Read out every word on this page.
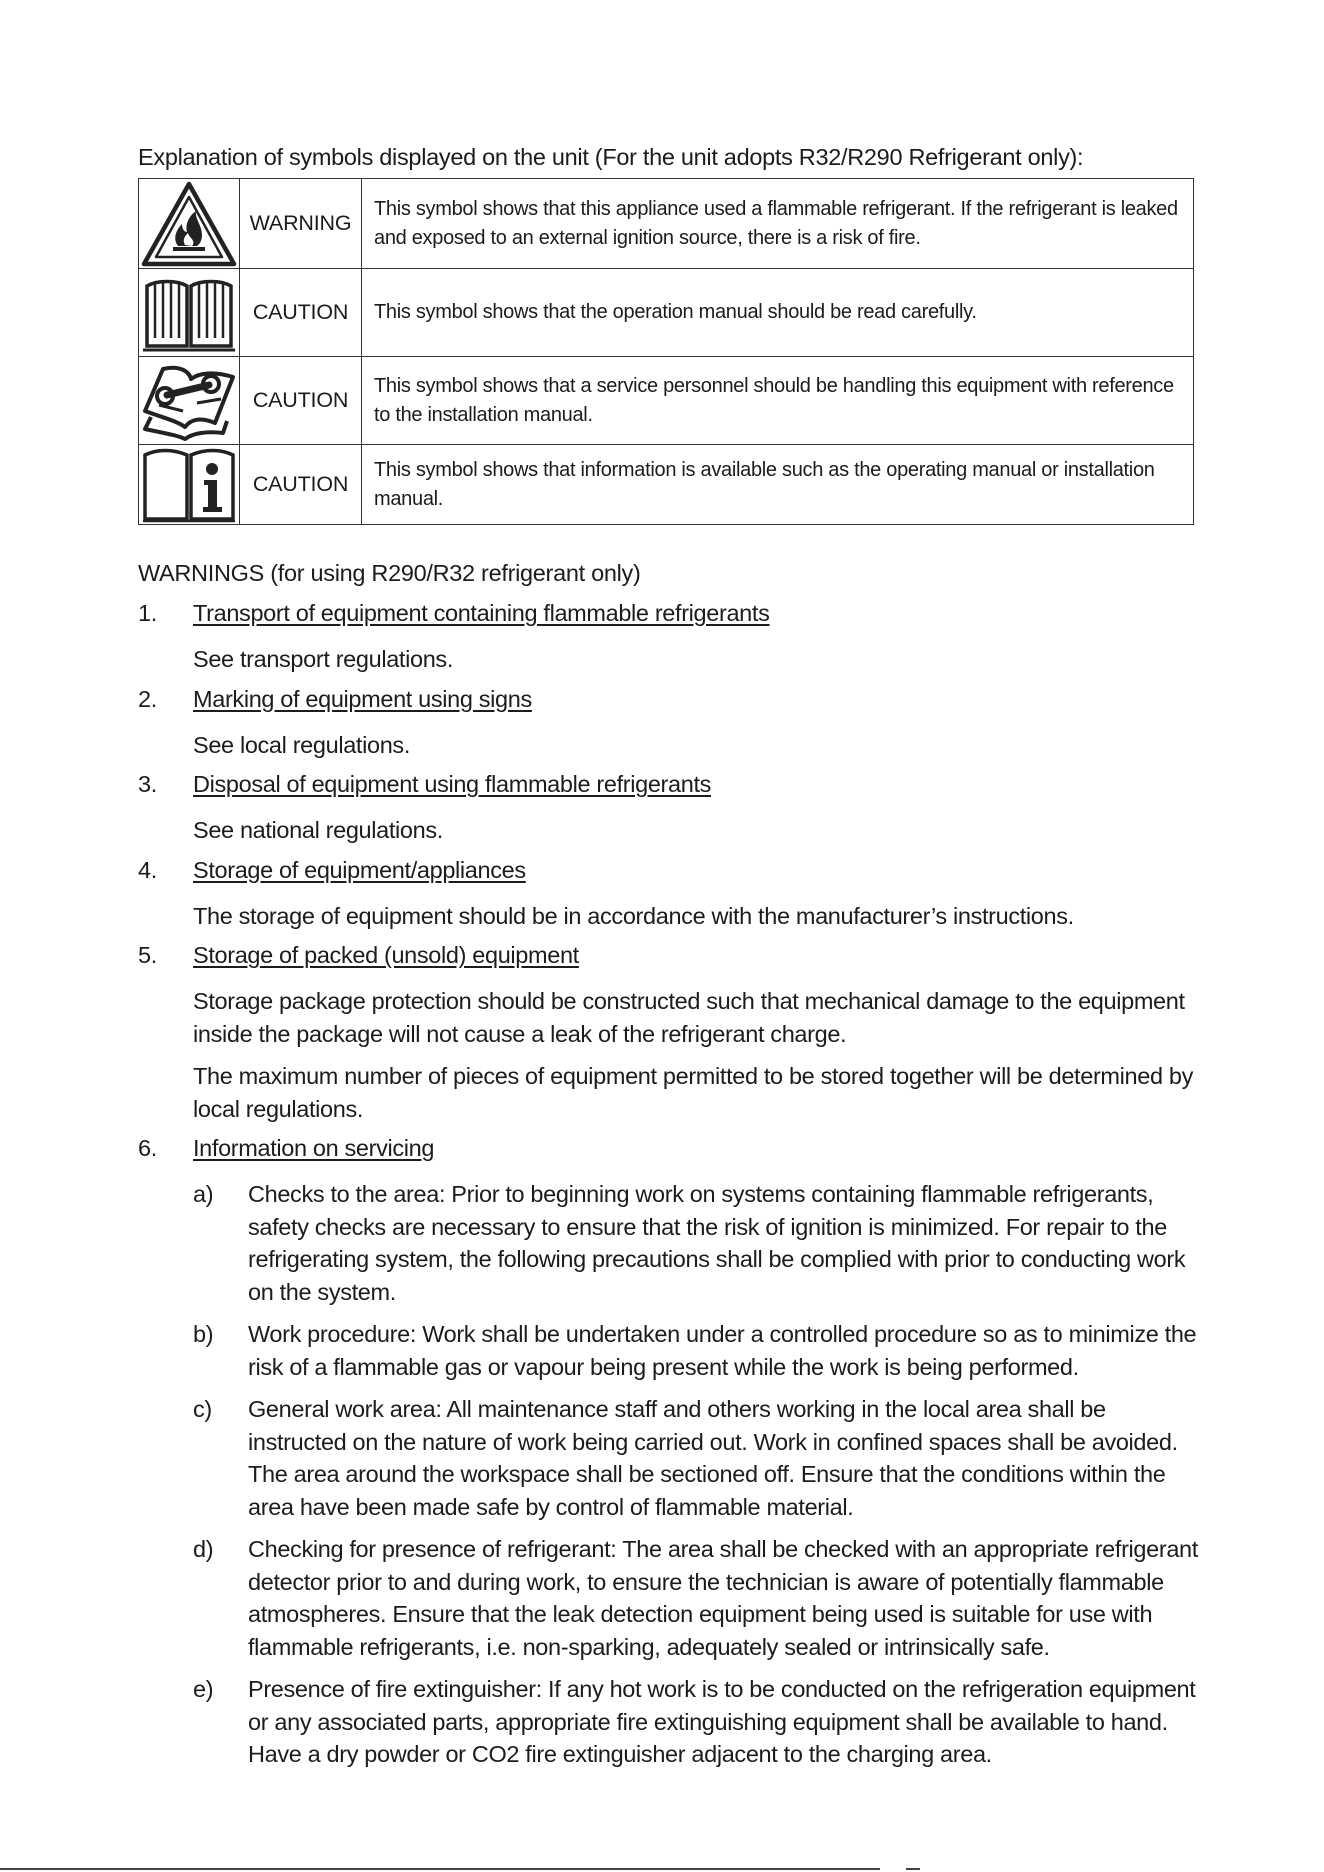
Explanation of symbols displayed on the unit (For the unit adopts R32/R290 Refrigerant only):
	WARNING	This symbol shows that this appliance used a flammable refrigerant. If the refrigerant is leaked and exposed to an external ignition source, there is a risk of fire.

	CAUTION	This symbol shows that the operation manual should be read carefully.

	CAUTION	This symbol shows that a service personnel should be handling this equipment with reference to the installation manual.

	CAUTION	This symbol shows that information is available such as the operating manual or installation manual.
WARNINGS (for using R290/R32 refrigerant only)
1. Transport of equipment containing flammable refrigerants
See transport regulations.
2. Marking of equipment using signs
See local regulations.
3. Disposal of equipment using flammable refrigerants
See national regulations.
4. Storage of equipment/appliances
The storage of equipment should be in accordance with the manufacturer’s instructions.
5. Storage of packed (unsold) equipment
Storage package protection should be constructed such that mechanical damage to the equipment inside the package will not cause a leak of the refrigerant charge.
The maximum number of pieces of equipment permitted to be stored together will be determined by local regulations.
6. Information on servicing
a) Checks to the area: Prior to beginning work on systems containing flammable refrigerants, safety checks are necessary to ensure that the risk of ignition is minimized. For repair to the refrigerating system, the following precautions shall be complied with prior to conducting work on the system.
b) Work procedure: Work shall be undertaken under a controlled procedure so as to minimize the risk of a flammable gas or vapour being present while the work is being performed.
c) General work area: All maintenance staff and others working in the local area shall be instructed on the nature of work being carried out. Work in confined spaces shall be avoided. The area around the workspace shall be sectioned off. Ensure that the conditions within the area have been made safe by control of flammable material.
d) Checking for presence of refrigerant: The area shall be checked with an appropriate refrigerant detector prior to and during work, to ensure the technician is aware of potentially flammable atmospheres. Ensure that the leak detection equipment being used is suitable for use with flammable refrigerants, i.e. non-sparking, adequately sealed or intrinsically safe.
e) Presence of fire extinguisher: If any hot work is to be conducted on the refrigeration equipment or any associated parts, appropriate fire extinguishing equipment shall be available to hand. Have a dry powder or CO2 fire extinguisher adjacent to the charging area.
